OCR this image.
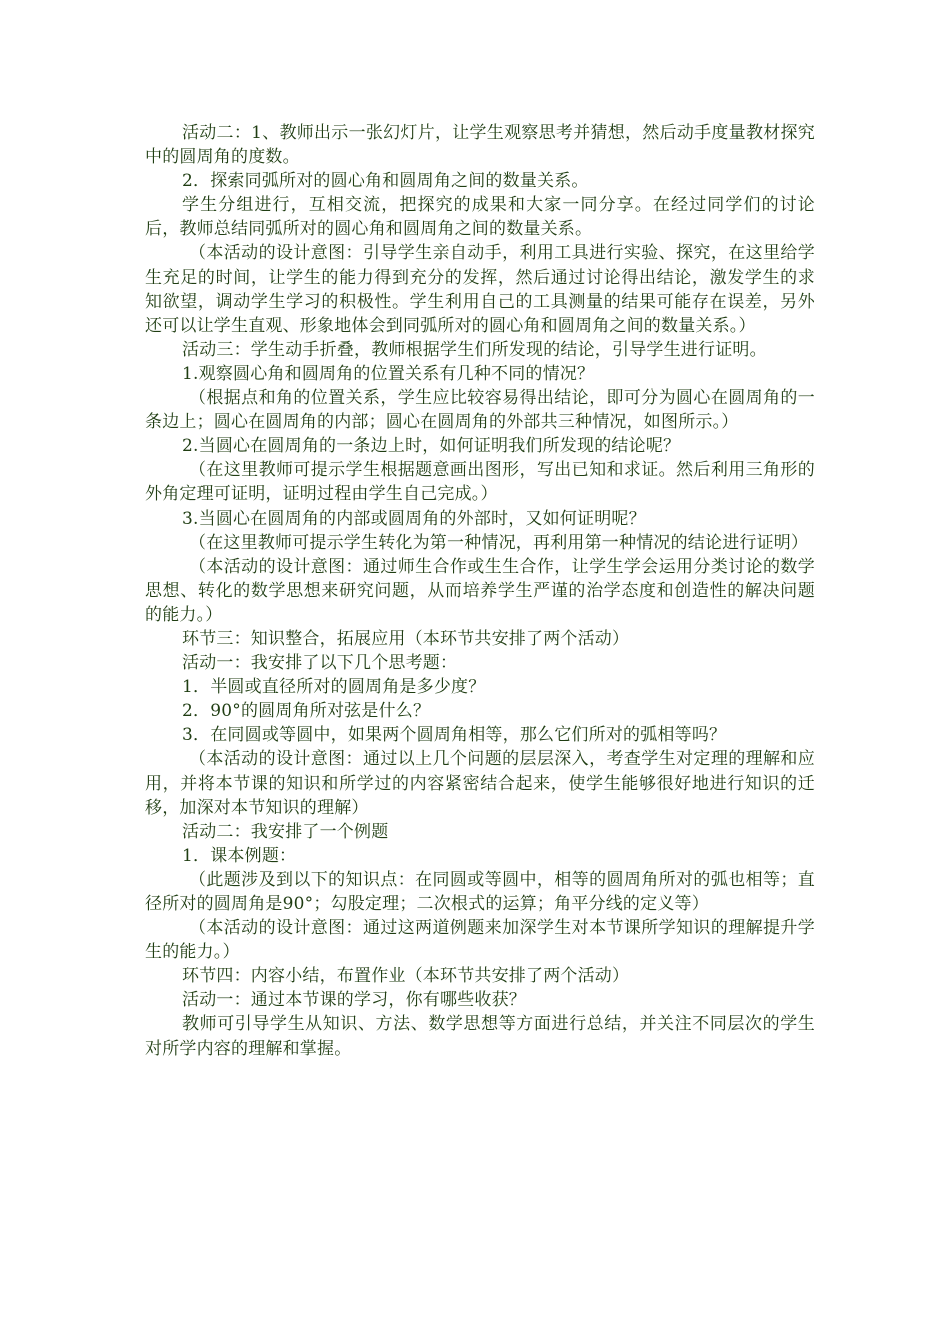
活动二：1、教师出示一张幻灯片，让学生观察思考并猜想，然后动手度量教材探究中的圆周角的度数。

2．探索同弧所对的圆心角和圆周角之间的数量关系。

学生分组进行，互相交流，把探究的成果和大家一同分享。在经过同学们的讨论后，教师总结同弧所对的圆心角和圆周角之间的数量关系。

（本活动的设计意图：引导学生亲自动手，利用工具进行实验、探究，在这里给学生充足的时间，让学生的能力得到充分的发挥，然后通过讨论得出结论，激发学生的求知欲望，调动学生学习的积极性。学生利用自己的工具测量的结果可能存在误差，另外还可以让学生直观、形象地体会到同弧所对的圆心角和圆周角之间的数量关系。）

活动三：学生动手折叠，教师根据学生们所发现的结论，引导学生进行证明。

1.观察圆心角和圆周角的位置关系有几种不同的情况？

（根据点和角的位置关系，学生应比较容易得出结论，即可分为圆心在圆周角的一条边上；圆心在圆周角的内部；圆心在圆周角的外部共三种情况，如图所示。）

2.当圆心在圆周角的一条边上时，如何证明我们所发现的结论呢？

（在这里教师可提示学生根据题意画出图形，写出已知和求证。然后利用三角形的外角定理可证明，证明过程由学生自己完成。）

3.当圆心在圆周角的内部或圆周角的外部时，又如何证明呢？

（在这里教师可提示学生转化为第一种情况，再利用第一种情况的结论进行证明）

（本活动的设计意图：通过师生合作或生生合作，让学生学会运用分类讨论的数学思想、转化的数学思想来研究问题，从而培养学生严谨的治学态度和创造性的解决问题的能力。）

环节三：知识整合，拓展应用（本环节共安排了两个活动）

活动一：我安排了以下几个思考题：

1．半圆或直径所对的圆周角是多少度？

2．90°的圆周角所对弦是什么？

3．在同圆或等圆中，如果两个圆周角相等，那么它们所对的弧相等吗？

（本活动的设计意图：通过以上几个问题的层层深入，考查学生对定理的理解和应用，并将本节课的知识和所学过的内容紧密结合起来，使学生能够很好地进行知识的迁移，加深对本节知识的理解）

活动二：我安排了一个例题

1．课本例题：

（此题涉及到以下的知识点：在同圆或等圆中，相等的圆周角所对的弧也相等；直径所对的圆周角是90°；勾股定理；二次根式的运算；角平分线的定义等）

（本活动的设计意图：通过这两道例题来加深学生对本节课所学知识的理解提升学生的能力。）

环节四：内容小结，布置作业（本环节共安排了两个活动）

活动一：通过本节课的学习，你有哪些收获？

教师可引导学生从知识、方法、数学思想等方面进行总结，并关注不同层次的学生对所学内容的理解和掌握。
